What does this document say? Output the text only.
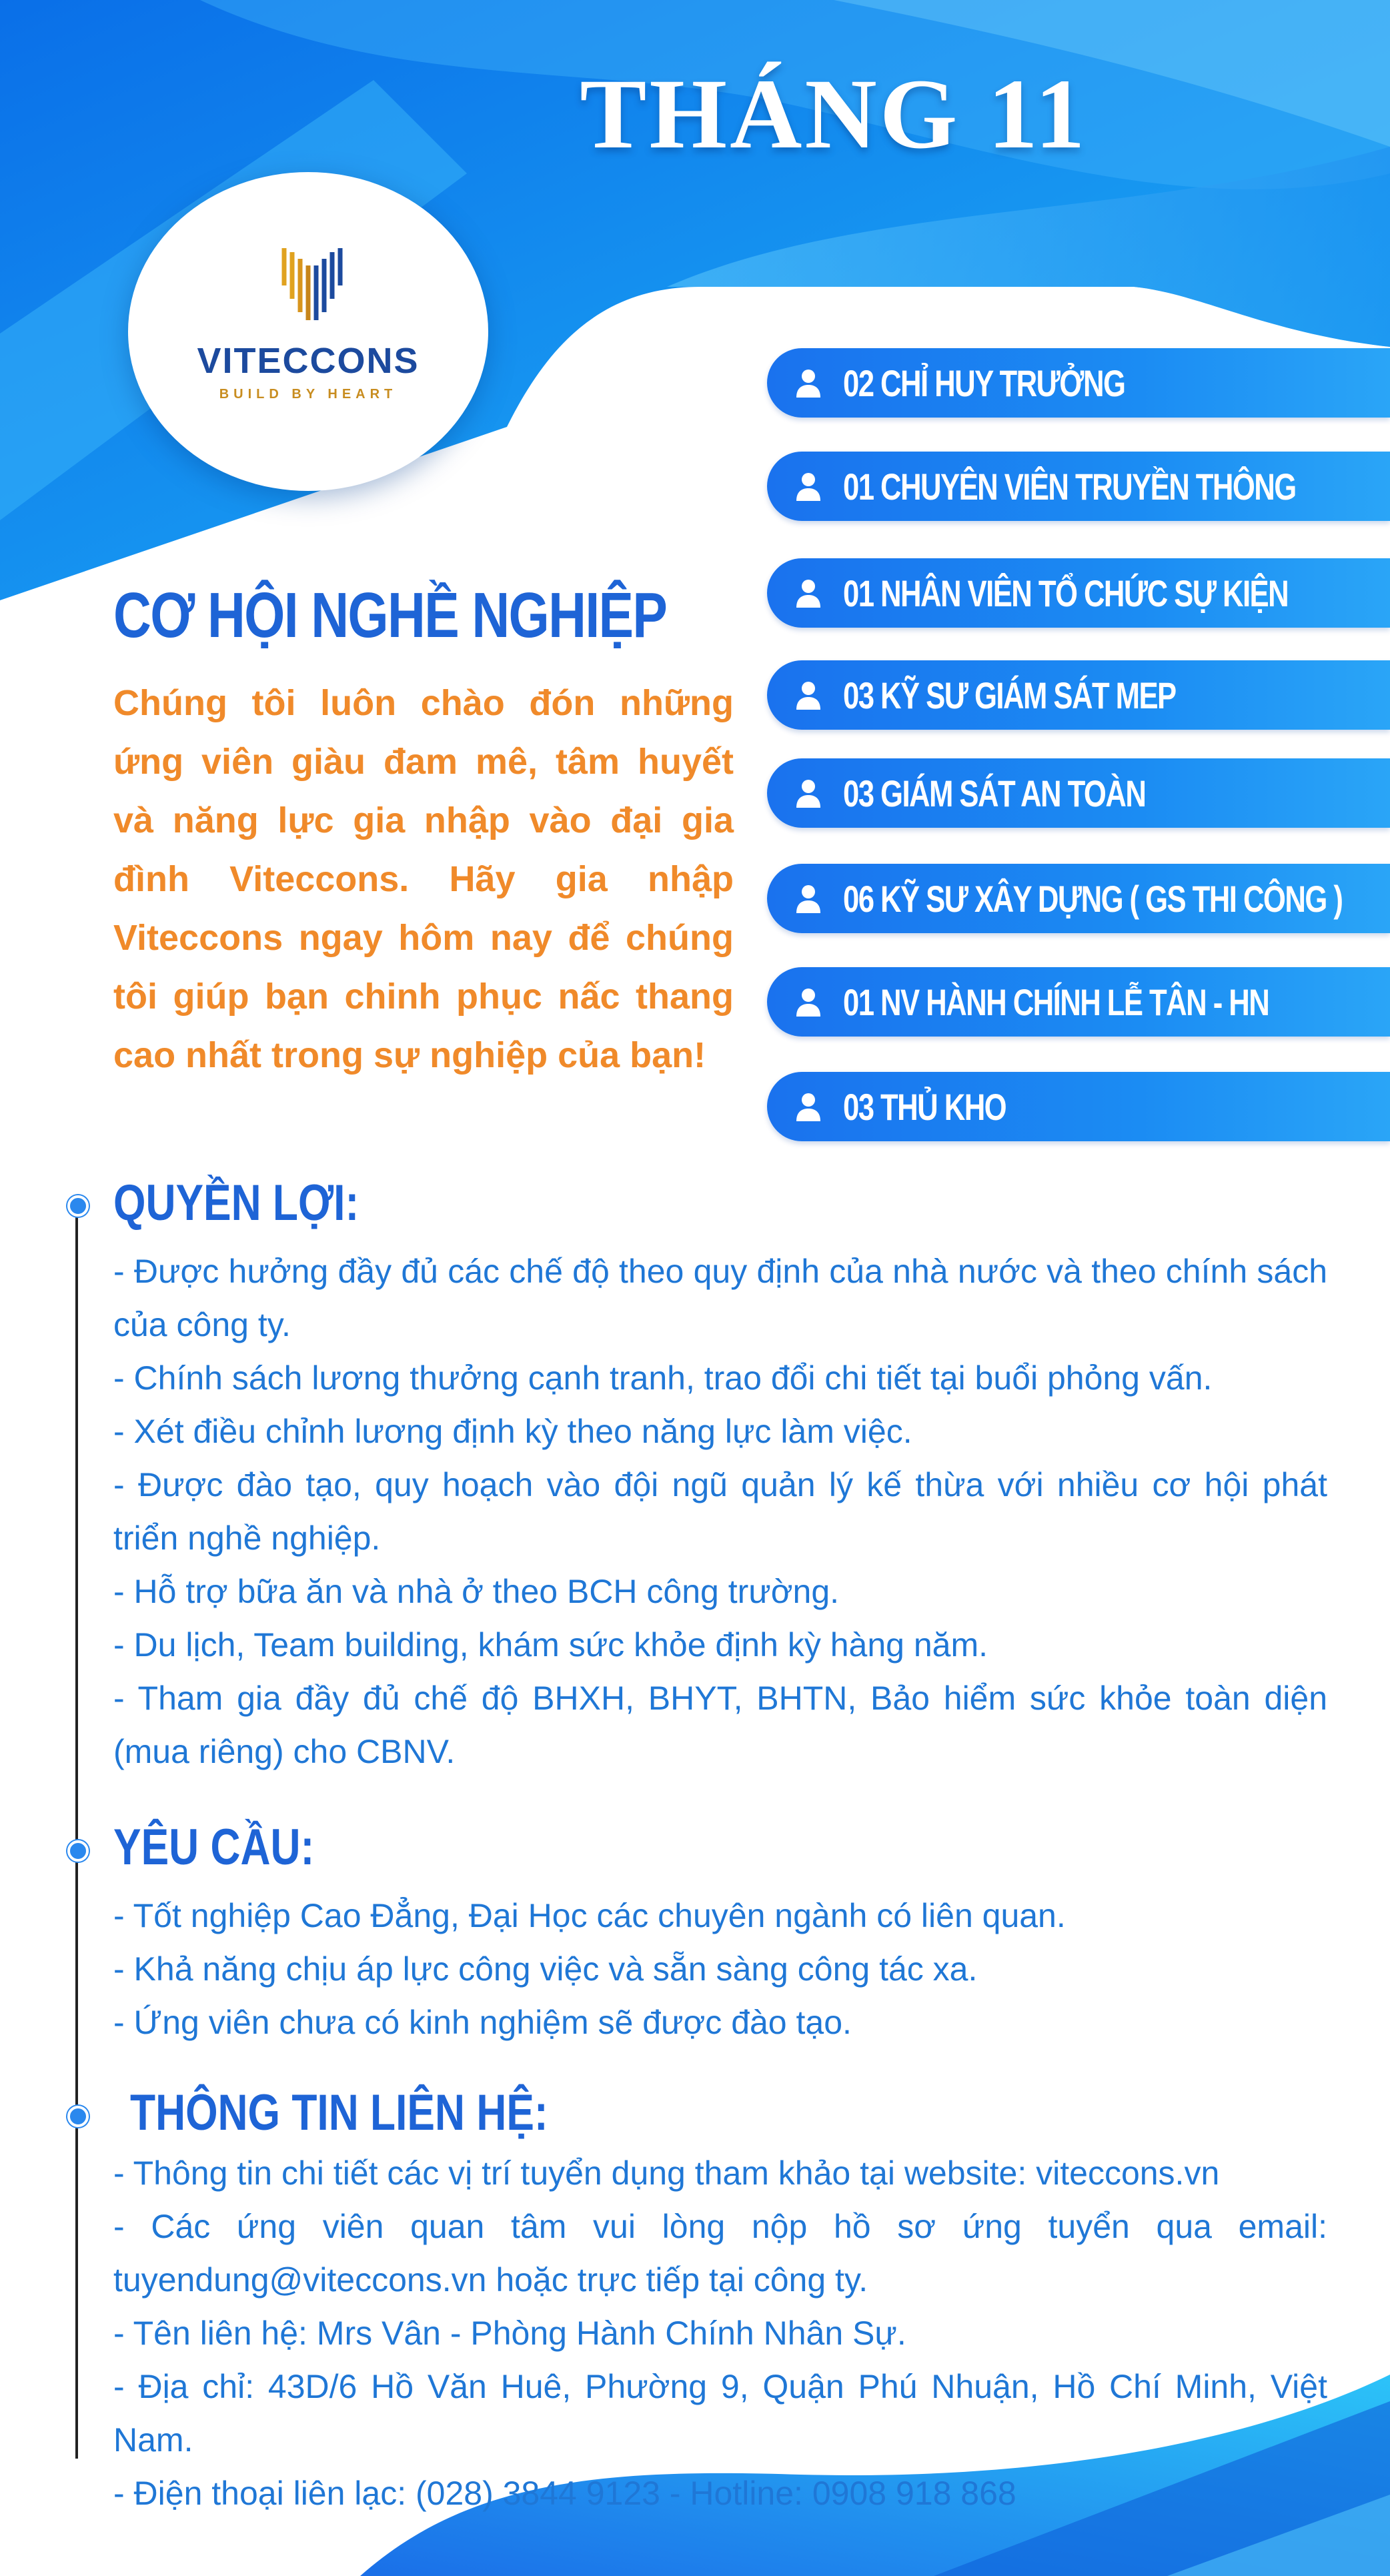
THÁNG 11
VITECCONS
BUILD BY HEART	02 CHỈ HUY TRƯỞNG
01 CHUYÊN VIÊN TRUYỀN THÔNG
01 NHÂN VIÊN TỔ CHỨC SỰ KIỆN
03 KỸ SƯ GIÁM SÁT MEP
03 GIÁM SÁT AN TOÀN
06 KỸ SƯ XÂY DỰNG ( GS THI CÔNG )
01 NV HÀNH CHÍNH LỄ TÂN - HN
03 THỦ KHO
CƠ HỘI NGHỀ NGHIỆP
Chúng tôi luôn chào đón những ứng viên giàu đam mê, tâm huyết và năng lực gia nhập vào đại gia đình Viteccons. Hãy gia nhập Viteccons ngay hôm nay để chúng tôi giúp bạn chinh phục nấc thang cao nhất trong sự nghiệp của bạn!
QUYỀN LỢI:
- Được hưởng đầy đủ các chế độ theo quy định của nhà nước và theo chính sách của công ty.
- Chính sách lương thưởng cạnh tranh, trao đổi chi tiết tại buổi phỏng vấn.
- Xét điều chỉnh lương định kỳ theo năng lực làm việc.
- Được đào tạo, quy hoạch vào đội ngũ quản lý kế thừa với nhiều cơ hội phát triển nghề nghiệp.
- Hỗ trợ bữa ăn và nhà ở theo BCH công trường.
- Du lịch, Team building, khám sức khỏe định kỳ hàng năm.
- Tham gia đầy đủ chế độ BHXH, BHYT, BHTN, Bảo hiểm sức khỏe toàn diện (mua riêng) cho CBNV.
YÊU CẦU:
- Tốt nghiệp Cao Đẳng, Đại Học các chuyên ngành có liên quan.
- Khả năng chịu áp lực công việc và sẵn sàng công tác xa.
- Ứng viên chưa có kinh nghiệm sẽ được đào tạo.
THÔNG TIN LIÊN HỆ:
- Thông tin chi tiết các vị trí tuyển dụng tham khảo tại website: viteccons.vn
- Các ứng viên quan tâm vui lòng nộp hồ sơ ứng tuyển qua email: tuyendung@viteccons.vn hoặc trực tiếp tại công ty.
- Tên liên hệ: Mrs Vân - Phòng Hành Chính Nhân Sự.
- Địa chỉ: 43D/6 Hồ Văn Huê, Phường 9, Quận Phú Nhuận, Hồ Chí Minh, Việt Nam.
- Điện thoại liên lạc: (028) 3844 9123 - Hotline: 0908 918 868
